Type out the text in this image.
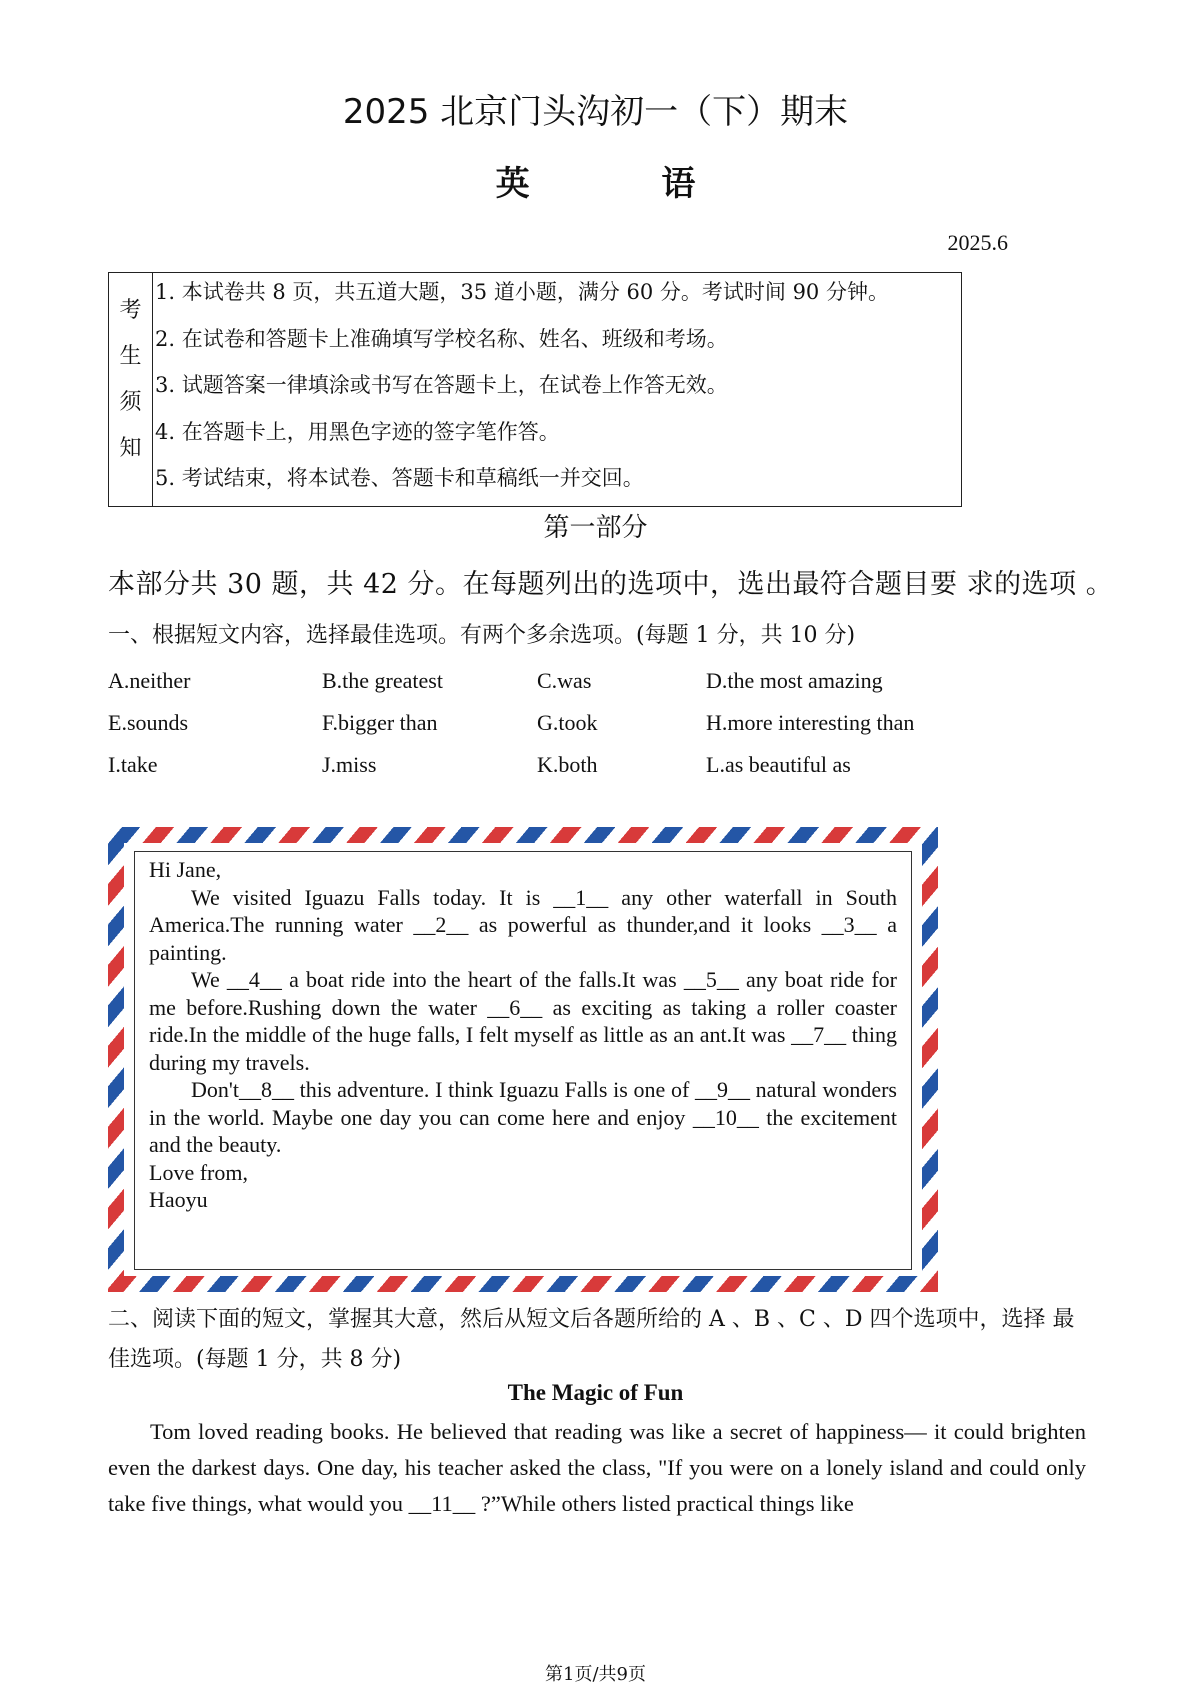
2025 北京门头沟初一（下）期末
英 语
2025.6
考
生
须
知
1. 本试卷共 8 页，共五道大题，35 道小题，满分 60 分。考试时间 90 分钟。
2. 在试卷和答题卡上准确填写学校名称、姓名、班级和考场。
3. 试题答案一律填涂或书写在答题卡上，在试卷上作答无效。
4. 在答题卡上，用黑色字迹的签字笔作答。
5. 考试结束，将本试卷、答题卡和草稿纸一并交回。
第一部分
本部分共 30 题，共 42 分。在每题列出的选项中，选出最符合题目要 求的选项 。
一、根据短文内容，选择最佳选项。有两个多余选项。(每题 1 分，共 10 分)
A.neither	B.the greatest	C.was	D.the most amazing
E.sounds	F.bigger than	G.took	H.more interesting than
I.take	J.miss	K.both	L.as beautiful as

Hi Jane,

We visited Iguazu Falls today. It is __1__ any other waterfall in South America.The running water __2__ as powerful as thunder,and it looks __3__ a painting.

We __4__ a boat ride into the heart of the falls.It was __5__ any boat ride for me before.Rushing down the water __6__ as exciting as taking a roller coaster ride.In the middle of the huge falls, I felt myself as little as an ant.It was __7__ thing during my travels.

Don't__8__ this adventure. I think Iguazu Falls is one of __9__ natural wonders in the world. Maybe one day you can come here and enjoy __10__ the excitement and the beauty.

Love from,

Haoyu

二、阅读下面的短文，掌握其大意，然后从短文后各题所给的 A 、B 、C 、D 四个选项中，选择 最佳选项。(每题 1 分，共 8 分)
The Magic of Fun
Tom loved reading books. He believed that reading was like a secret of happiness— it could brighten even the darkest days. One day, his teacher asked the class, "If you were on a lonely island and could only take five things, what would you __11__ ?”While others listed practical things like
第1页/共9页
